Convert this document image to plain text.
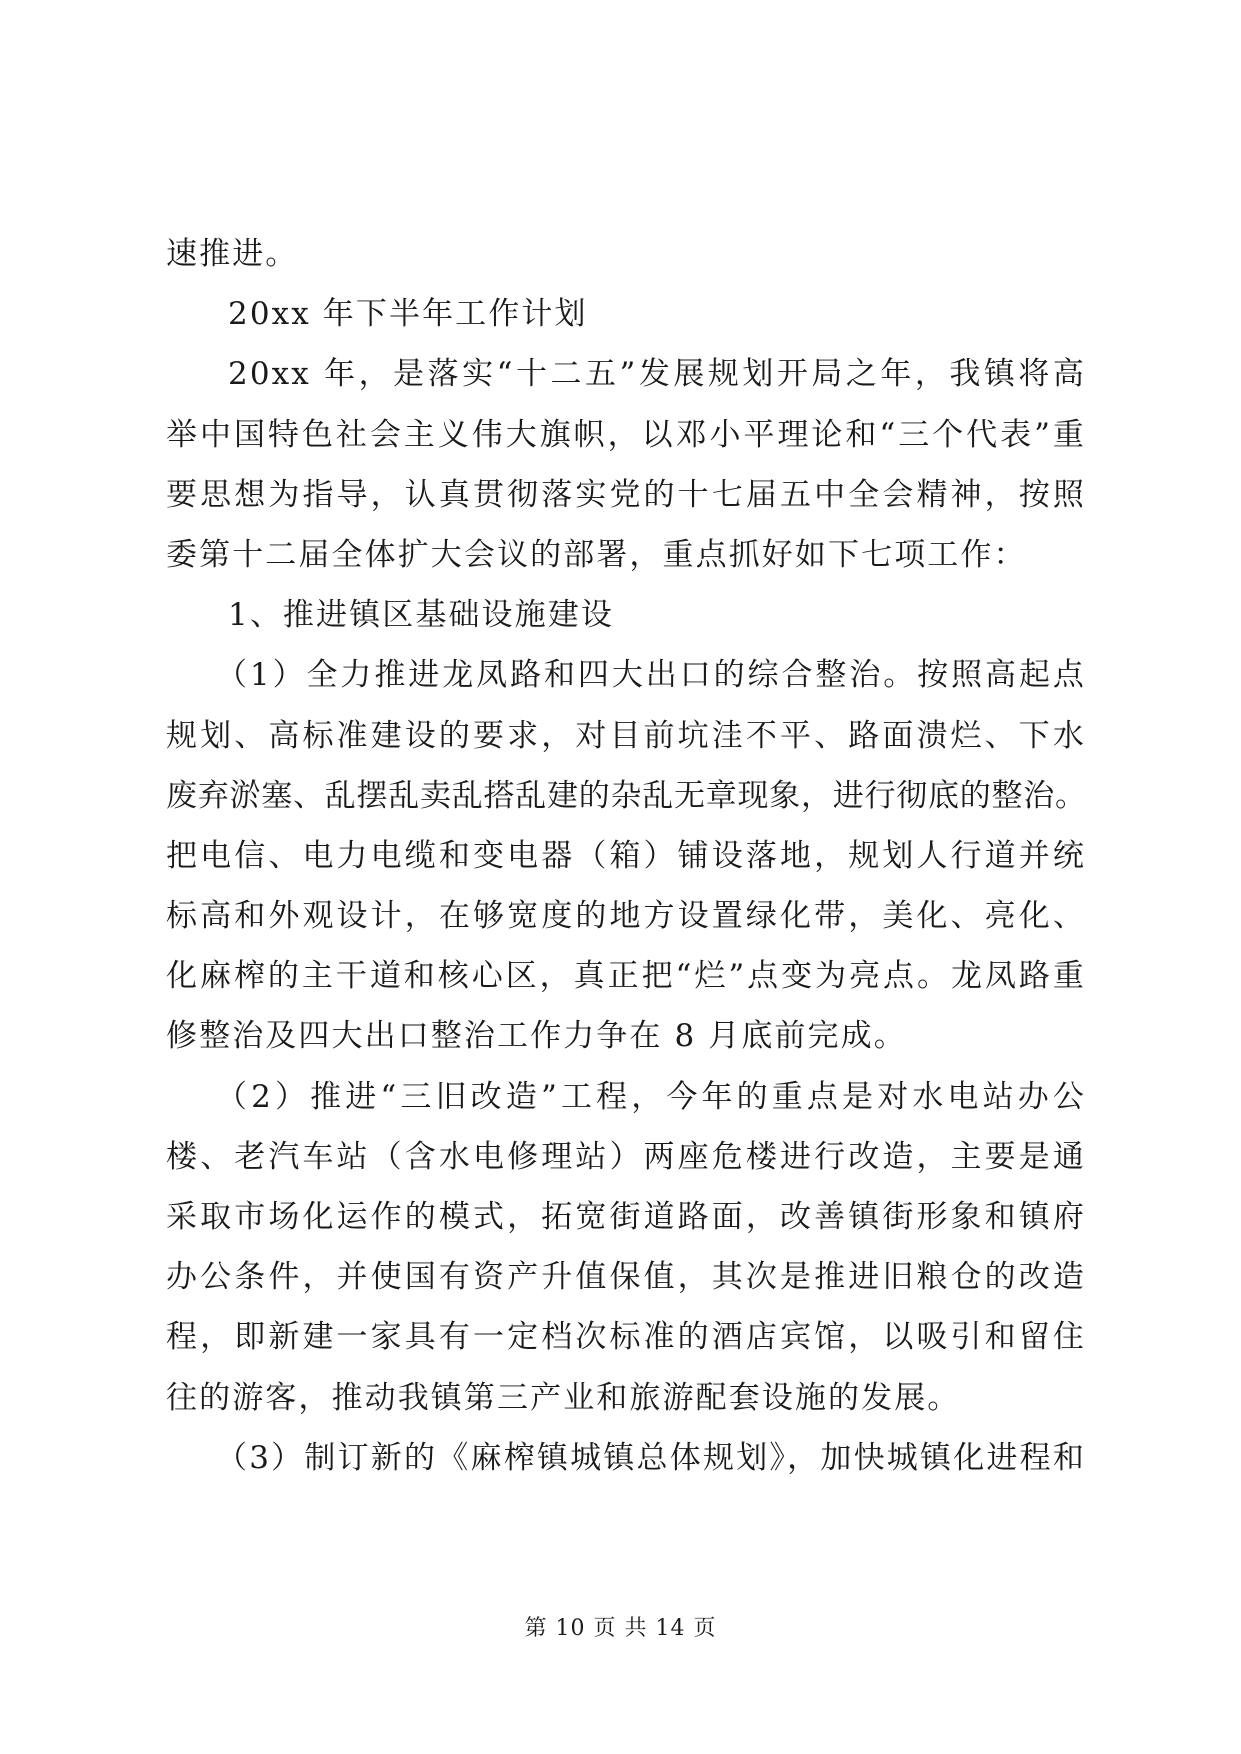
速推进。
20xx 年下半年工作计划
20xx 年，是落实“十二五”发展规划开局之年，我镇将高
举中国特色社会主义伟大旗帜，以邓小平理论和“三个代表”重
要思想为指导，认真贯彻落实党的十七届五中全会精神，按照
委第十二届全体扩大会议的部署，重点抓好如下七项工作：
1、推进镇区基础设施建设
（1）全力推进龙凤路和四大出口的综合整治。按照高起点
规划、高标准建设的要求，对目前坑洼不平、路面溃烂、下水
废弃淤塞、乱摆乱卖乱搭乱建的杂乱无章现象，进行彻底的整治。
把电信、电力电缆和变电器（箱）铺设落地，规划人行道并统
标高和外观设计，在够宽度的地方设置绿化带，美化、亮化、
化麻榨的主干道和核心区，真正把“烂”点变为亮点。龙凤路重
修整治及四大出口整治工作力争在 8 月底前完成。
（2）推进“三旧改造”工程，今年的重点是对水电站办公
楼、老汽车站（含水电修理站）两座危楼进行改造，主要是通
采取市场化运作的模式，拓宽街道路面，改善镇街形象和镇府
办公条件，并使国有资产升值保值，其次是推进旧粮仓的改造
程，即新建一家具有一定档次标准的酒店宾馆，以吸引和留住
往的游客，推动我镇第三产业和旅游配套设施的发展。
（3）制订新的《麻榨镇城镇总体规划》，加快城镇化进程和
第 10 页 共 14 页
